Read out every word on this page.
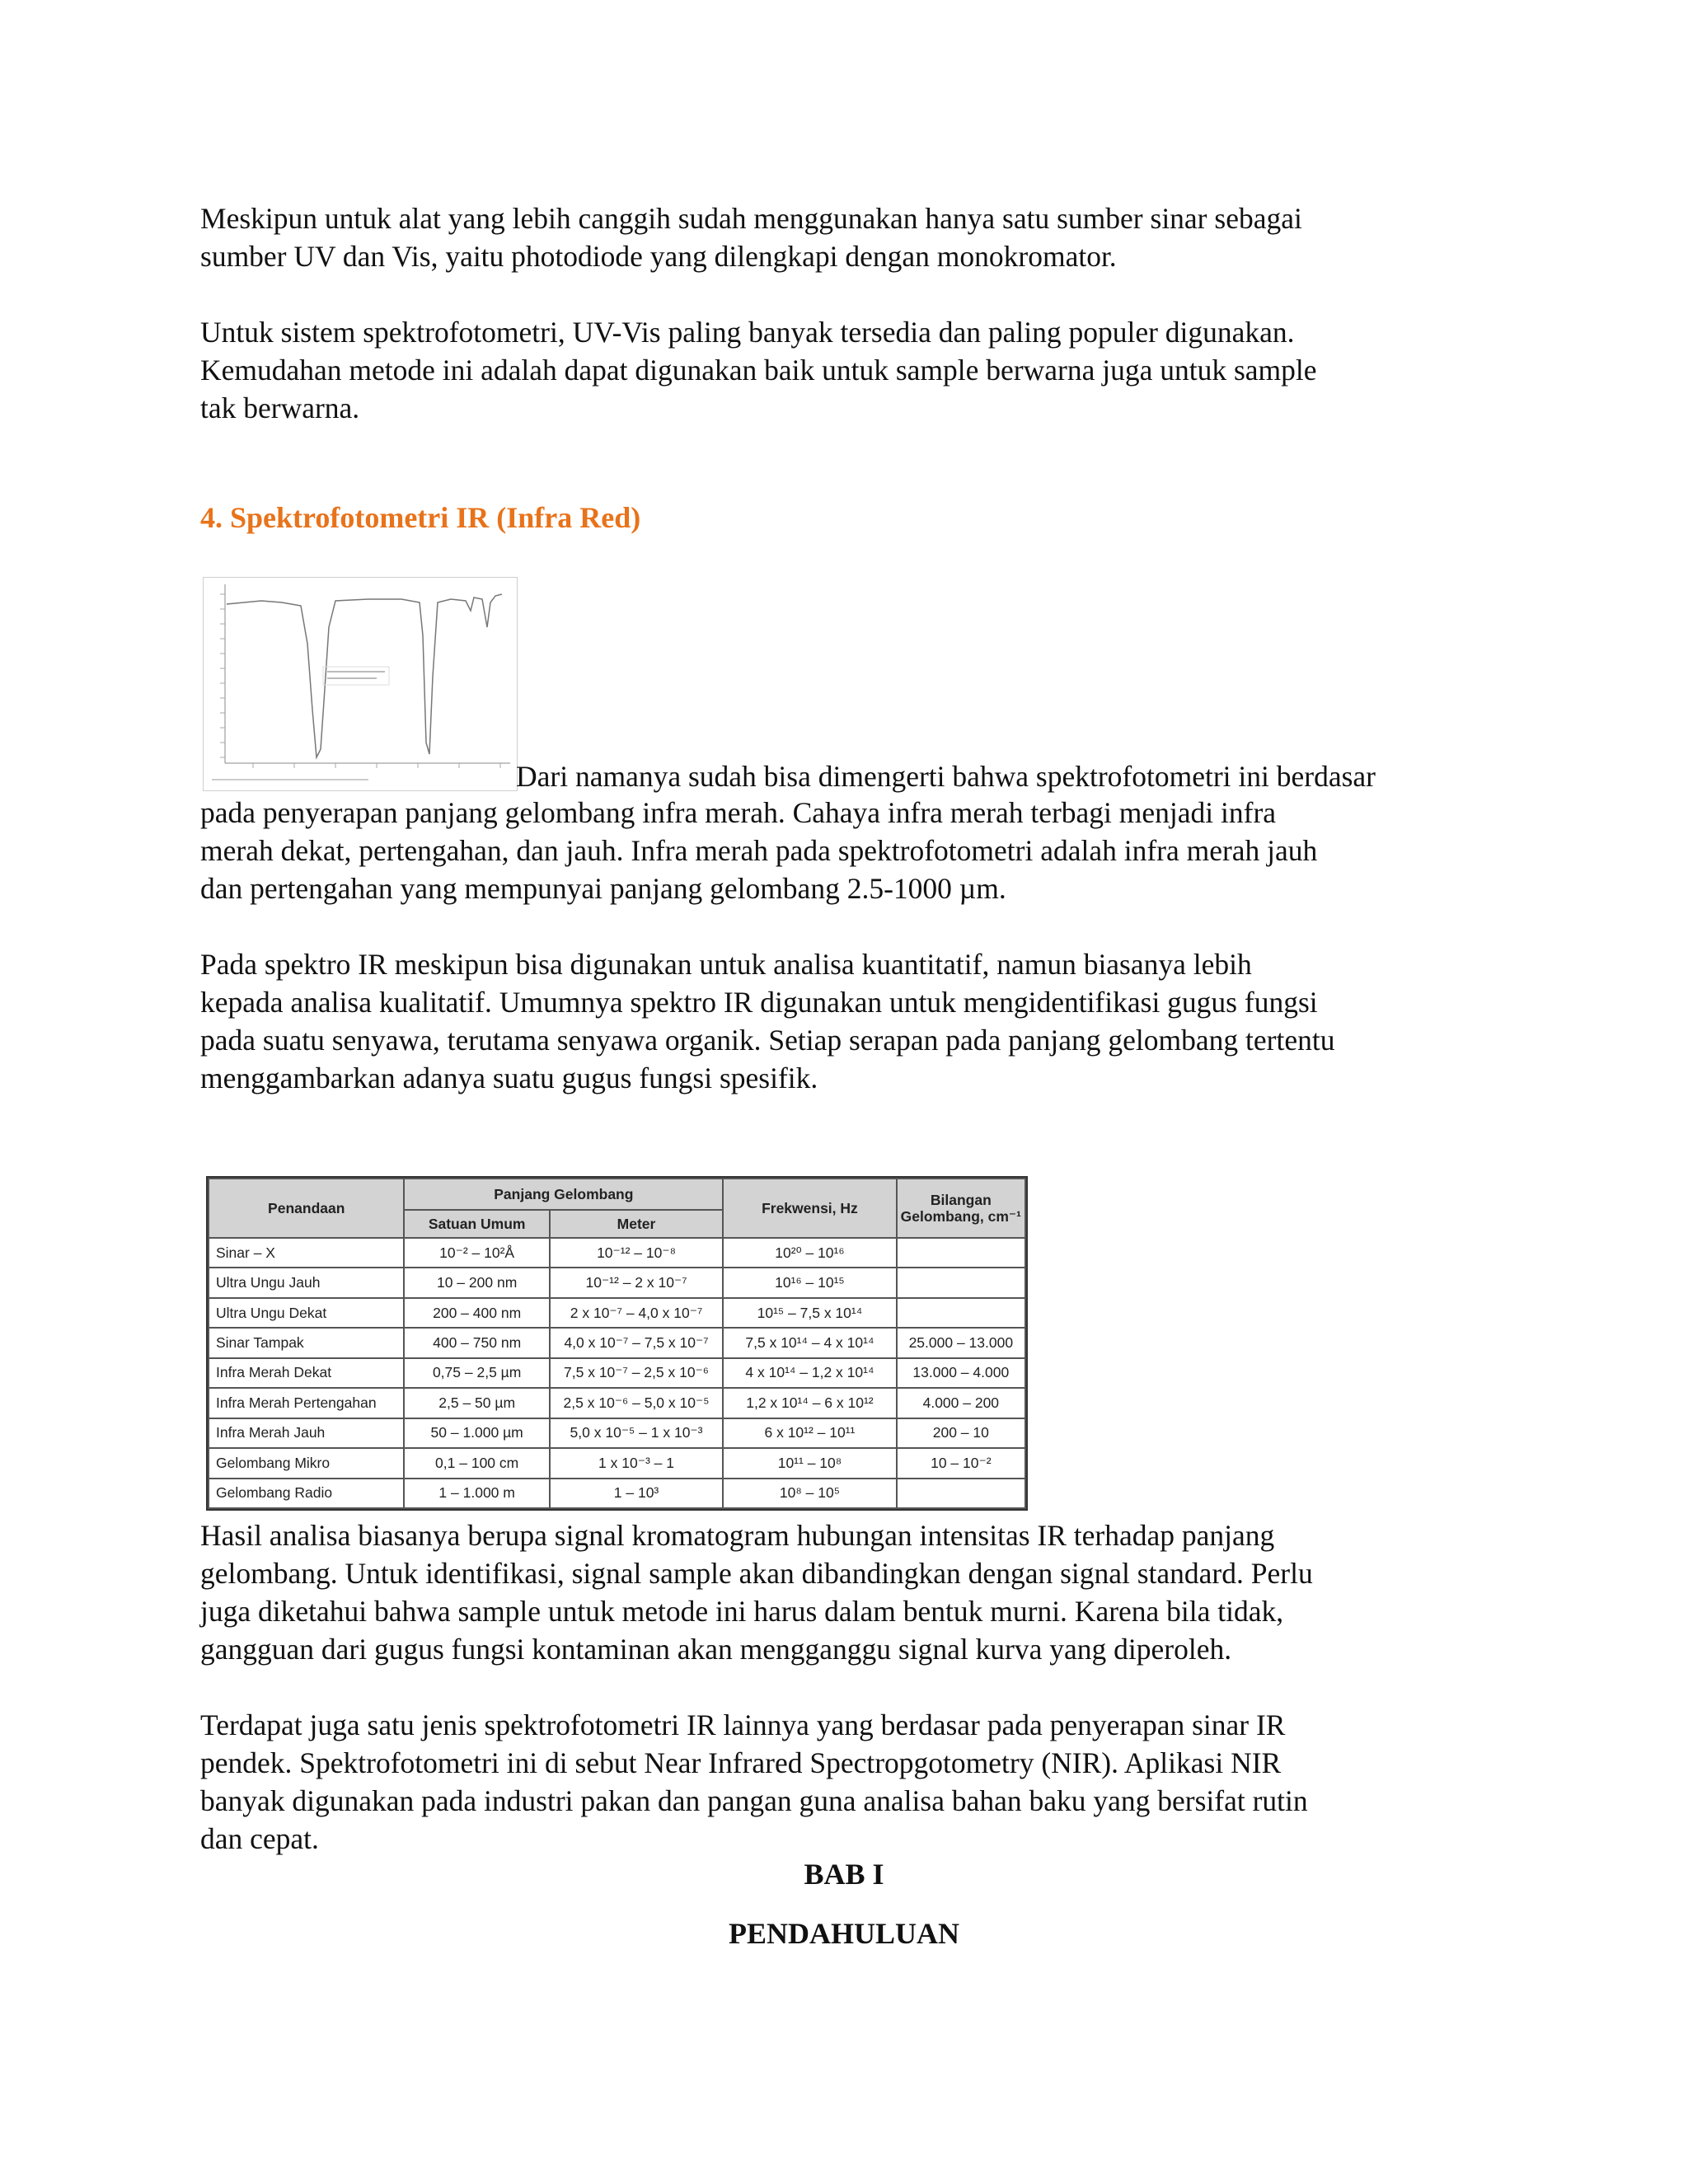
Meskipun untuk alat yang lebih canggih sudah menggunakan hanya satu sumber sinar sebagai
sumber UV dan Vis, yaitu photodiode yang dilengkapi dengan monokromator.
Untuk sistem spektrofotometri, UV-Vis paling banyak tersedia dan paling populer digunakan.
Kemudahan metode ini adalah dapat digunakan baik untuk sample berwarna juga untuk sample
tak berwarna.
4. Spektrofotometri IR (Infra Red)
Dari namanya sudah bisa dimengerti bahwa spektrofotometri ini berdasar
pada penyerapan panjang gelombang infra merah. Cahaya infra merah terbagi menjadi infra
merah dekat, pertengahan, dan jauh. Infra merah pada spektrofotometri adalah infra merah jauh
dan pertengahan yang mempunyai panjang gelombang 2.5-1000 µm.
Pada spektro IR meskipun bisa digunakan untuk analisa kuantitatif, namun biasanya lebih
kepada analisa kualitatif. Umumnya spektro IR digunakan untuk mengidentifikasi gugus fungsi
pada suatu senyawa, terutama senyawa organik. Setiap serapan pada panjang gelombang tertentu
menggambarkan adanya suatu gugus fungsi spesifik.
Penandaan	Panjang Gelombang		Frekwensi, Hz	Bilangan Gelombang, cm⁻¹
	Satuan Umum	Meter		
Sinar – X	10⁻² – 10²Å	10⁻¹² – 10⁻⁸	10²⁰ – 10¹⁶	
Ultra Ungu Jauh	10 – 200 nm	10⁻¹² – 2 x 10⁻⁷	10¹⁶ – 10¹⁵	
Ultra Ungu Dekat	200 – 400 nm	2 x 10⁻⁷ – 4,0 x 10⁻⁷	10¹⁵ – 7,5 x 10¹⁴	
Sinar Tampak	400 – 750 nm	4,0 x 10⁻⁷ – 7,5 x 10⁻⁷	7,5 x 10¹⁴ – 4 x 10¹⁴	25.000 – 13.000
Infra Merah Dekat	0,75 – 2,5 µm	7,5 x 10⁻⁷ – 2,5 x 10⁻⁶	4 x 10¹⁴ – 1,2 x 10¹⁴	13.000 – 4.000
Infra Merah Pertengahan	2,5 – 50 µm	2,5 x 10⁻⁶ – 5,0 x 10⁻⁵	1,2 x 10¹⁴ – 6 x 10¹²	4.000 – 200
Infra Merah Jauh	50 – 1.000 µm	5,0 x 10⁻⁵ – 1 x 10⁻³	6 x 10¹² – 10¹¹	200 – 10
Gelombang Mikro	0,1 – 100 cm	1 x 10⁻³ – 1	10¹¹ – 10⁸	10 – 10⁻²
Gelombang Radio	1 – 1.000 m	1 – 10³	10⁸ – 10⁵	
Hasil analisa biasanya berupa signal kromatogram hubungan intensitas IR terhadap panjang
gelombang. Untuk identifikasi, signal sample akan dibandingkan dengan signal standard. Perlu
juga diketahui bahwa sample untuk metode ini harus dalam bentuk murni. Karena bila tidak,
gangguan dari gugus fungsi kontaminan akan mengganggu signal kurva yang diperoleh.
Terdapat juga satu jenis spektrofotometri IR lainnya yang berdasar pada penyerapan sinar IR
pendek. Spektrofotometri ini di sebut Near Infrared Spectropgotometry (NIR). Aplikasi NIR
banyak digunakan pada industri pakan dan pangan guna analisa bahan baku yang bersifat rutin
dan cepat.
BAB I
PENDAHULUAN
